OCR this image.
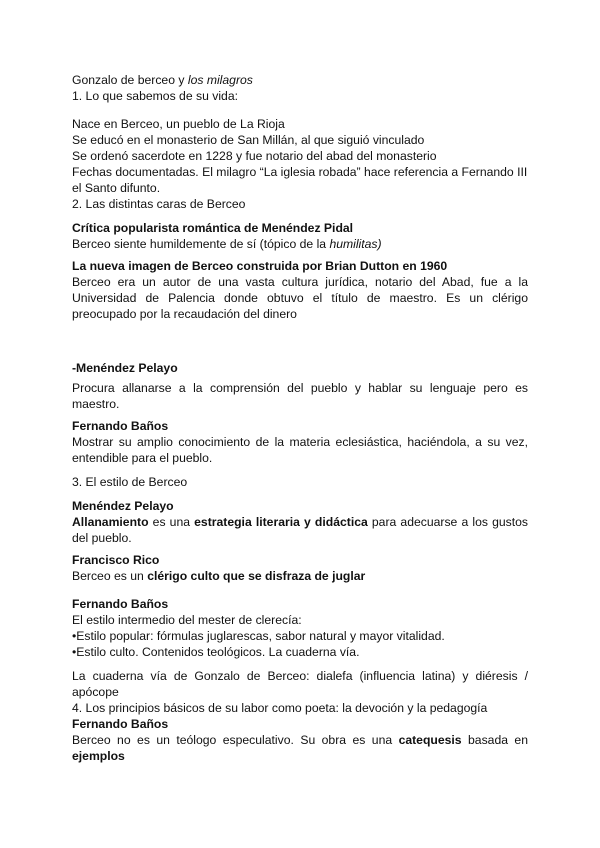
Gonzalo de berceo y los milagros
1. Lo que sabemos de su vida:
Nace en Berceo, un pueblo de La Rioja
Se educó en el monasterio de San Millán, al que siguió vinculado
Se ordenó sacerdote en 1228 y fue notario del abad del monasterio
Fechas documentadas. El milagro “La iglesia robada” hace referencia a Fernando III
el Santo difunto.
2. Las distintas caras de Berceo
Crítica popularista romántica de Menéndez Pidal
Berceo siente humildemente de sí (tópico de la humilitas)
La nueva imagen de Berceo construida por Brian Dutton en 1960
Berceo era un autor de una vasta cultura jurídica, notario del Abad, fue a la Universidad de Palencia donde obtuvo el título de maestro. Es un clérigo preocupado por la recaudación del dinero
-Menéndez Pelayo
Procura allanarse a la comprensión del pueblo y hablar su lenguaje pero es maestro.
Fernando Baños
Mostrar su amplio conocimiento de la materia eclesiástica, haciéndola, a su vez, entendible para el pueblo.
3. El estilo de Berceo
Menéndez Pelayo
Allanamiento es una estrategia literaria y didáctica para adecuarse a los gustos del pueblo.
Francisco Rico
Berceo es un clérigo culto que se disfraza de juglar
Fernando Baños
El estilo intermedio del mester de clerecía:
•Estilo popular: fórmulas juglarescas, sabor natural y mayor vitalidad.
•Estilo culto. Contenidos teológicos. La cuaderna vía.
La cuaderna vía de Gonzalo de Berceo: dialefa (influencia latina) y diéresis / apócope
4. Los principios básicos de su labor como poeta: la devoción y la pedagogía
Fernando Baños
Berceo no es un teólogo especulativo. Su obra es una catequesis basada en ejemplos
